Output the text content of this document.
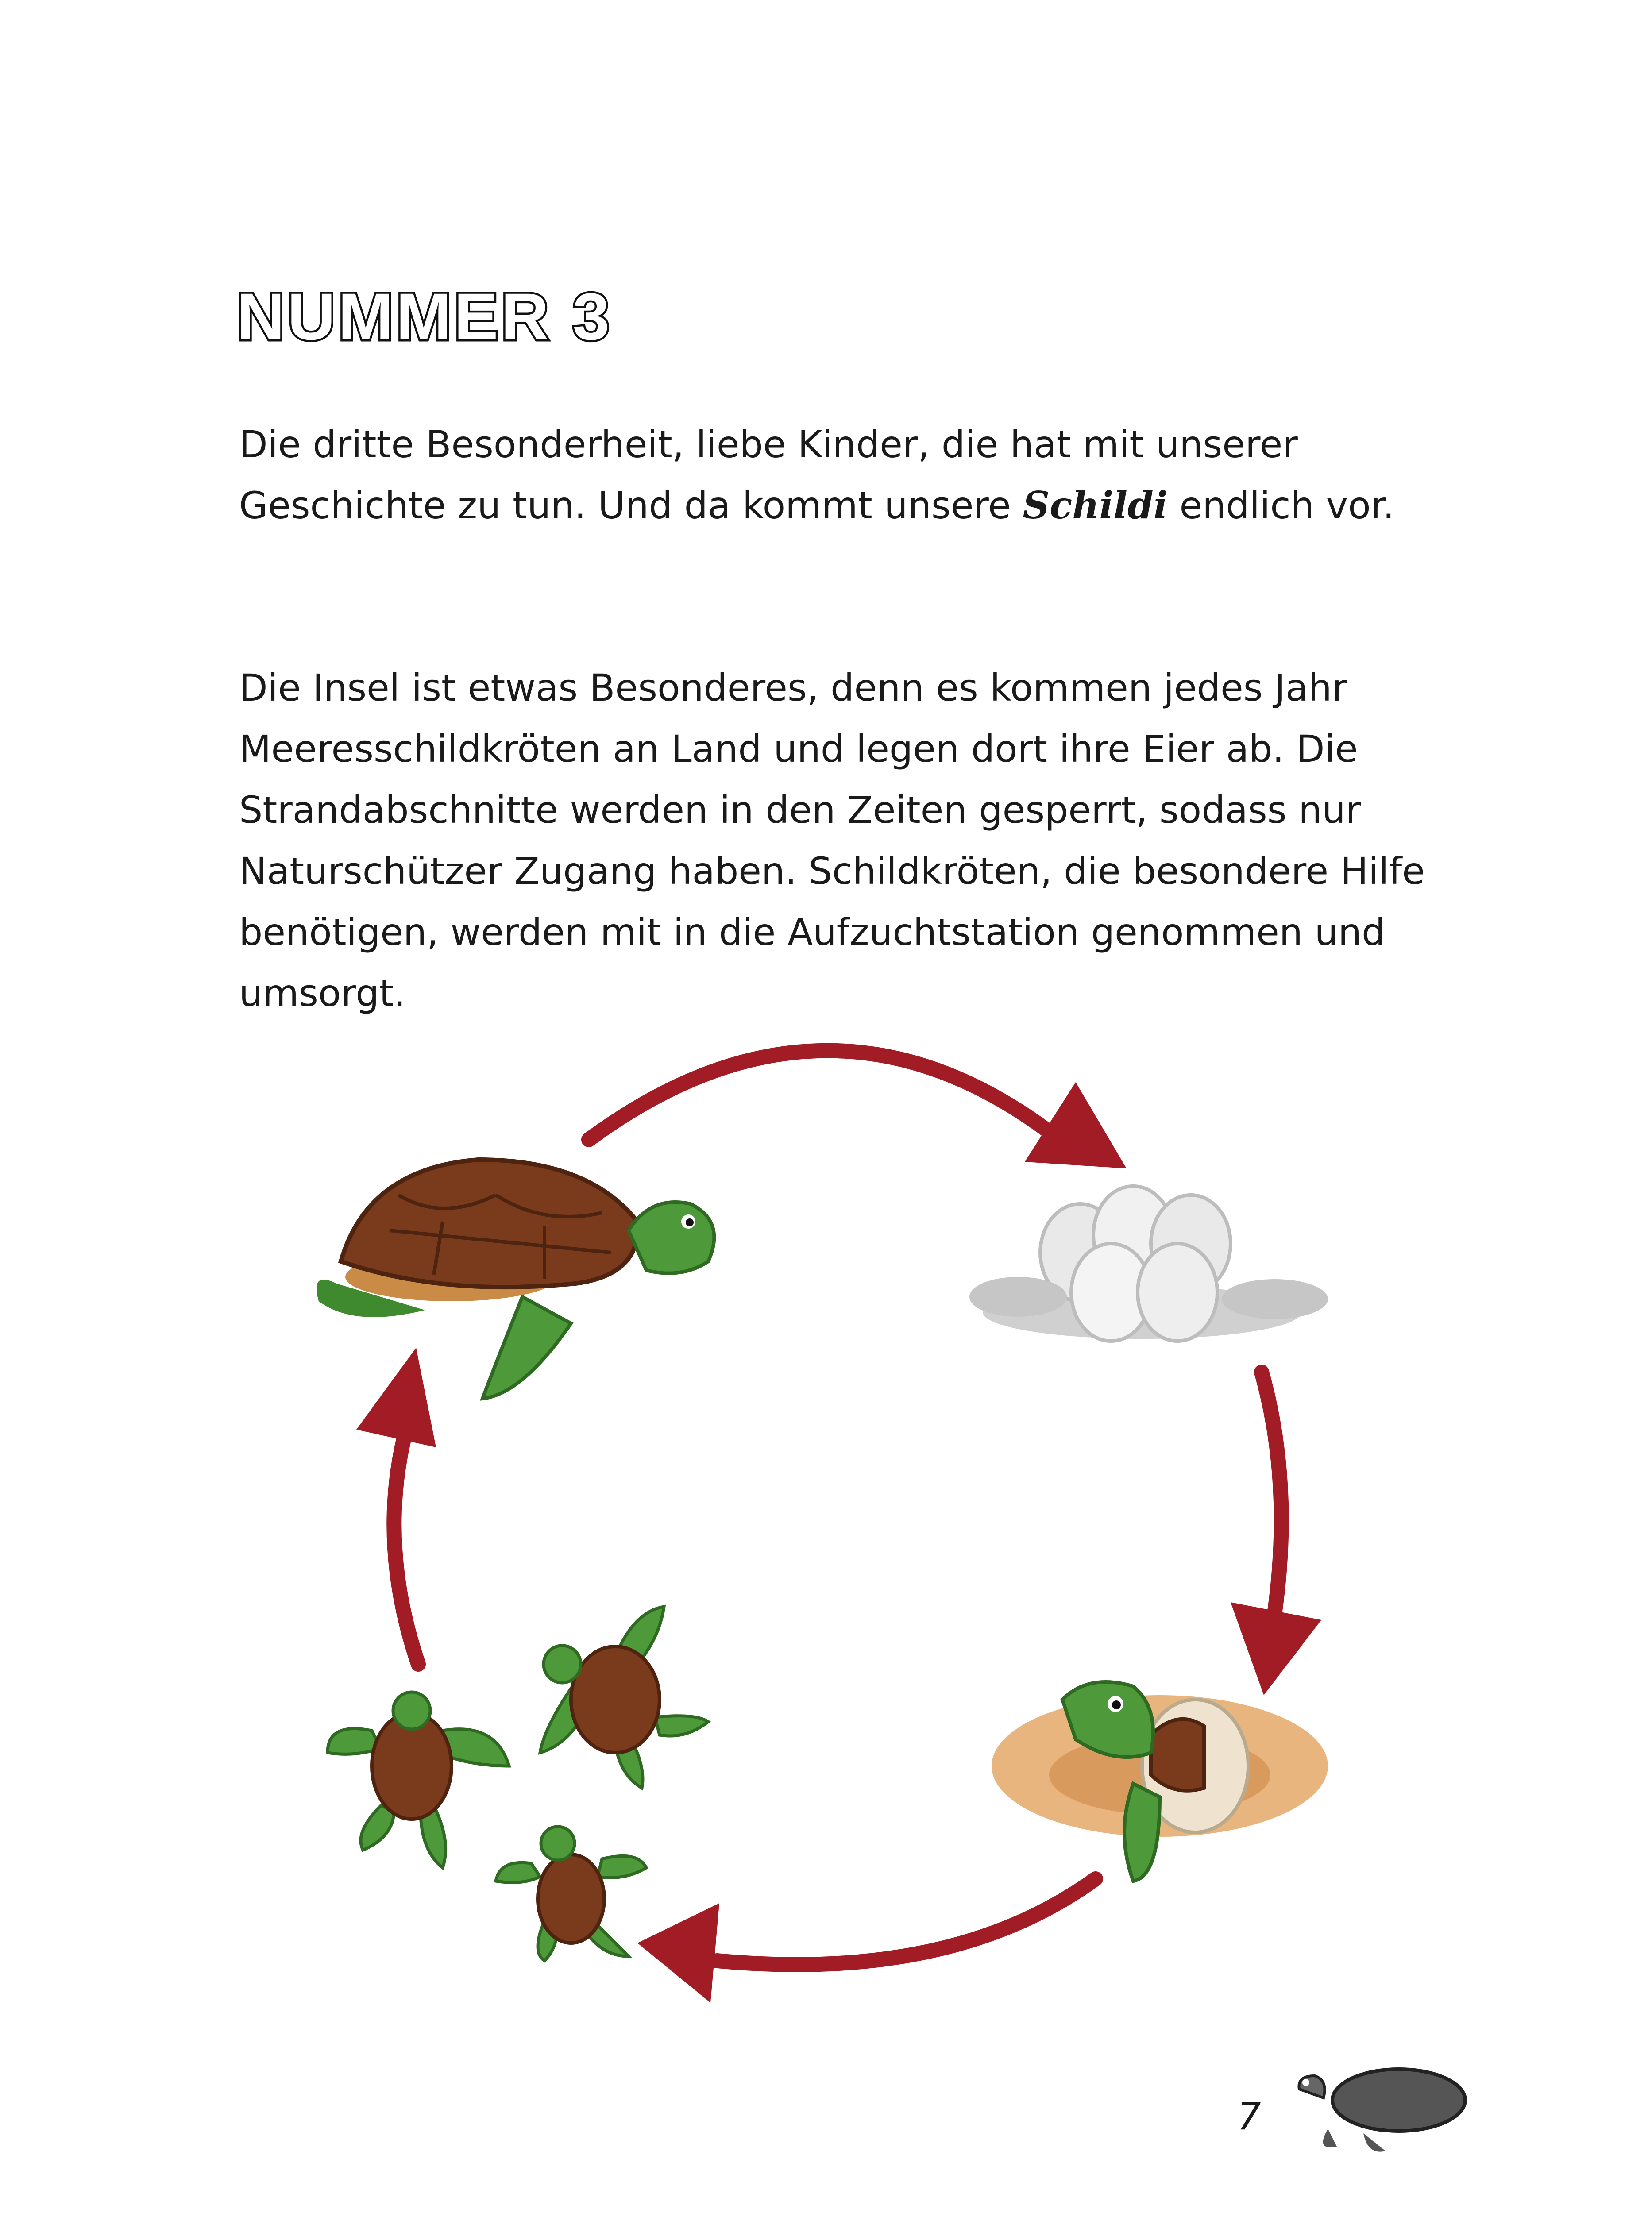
NUMMER 3

Die dritte Besonderheit, liebe Kinder, die hat mit unserer Geschichte zu tun. Und da kommt unsere Schildi endlich vor.

Die Insel ist etwas Besonderes, denn es kommen jedes Jahr Meeresschildkröten an Land und legen dort ihre Eier ab. Die Strandabschnitte werden in den Zeiten gesperrt, sodass nur Naturschützer Zugang haben. Schildkröten, die besondere Hilfe benötigen, werden mit in die Aufzuchtstation genommen und umsorgt.

7
